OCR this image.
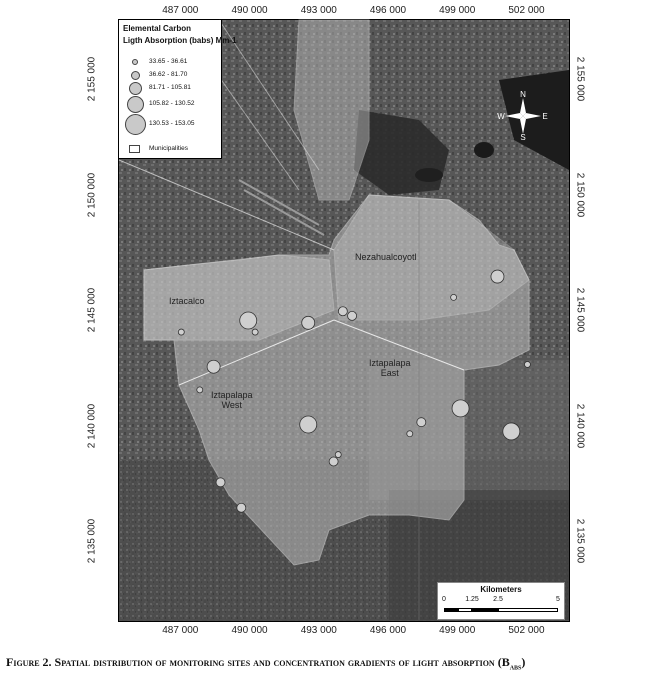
487 000	490 000	493 000	496 000	499 000	502 000
487 000	490 000	493 000	496 000	499 000	502 000
2 155 000
2 150 000
2 145 000
2 140 000
2 135 000
2 155 000
2 150 000
2 145 000
2 140 000
2 135 000
Nezahualcoyotl
Iztacalco
Iztapalapa
East
Iztapalapa
West
Elemental Carbon
Ligth Absorption (babs) Mm-1
33.65 - 36.61
36.62 - 81.70
81.71 - 105.81
105.82 - 130.52
130.53 - 153.05
Municipalities
N
S
E
W
Kilometers
0	1.25 2.5	5
Figure 2. Spatial distribution of monitoring sites and concentration gradients of light absorption $(B_{abs})$
